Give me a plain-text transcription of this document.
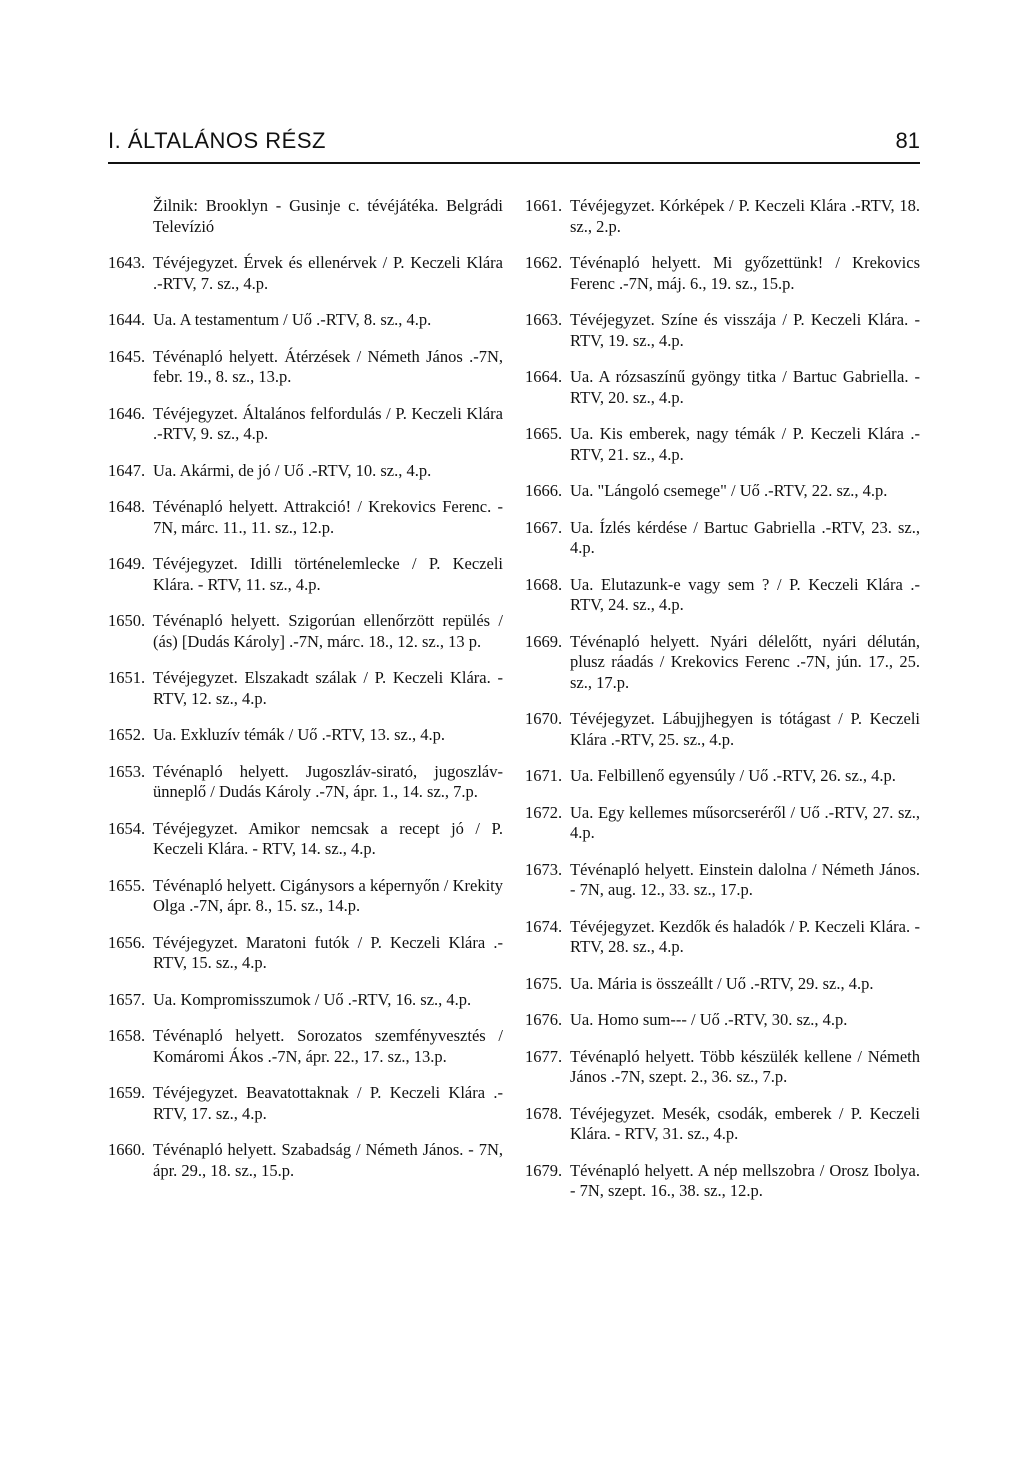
I. ÁLTALÁNOS RÉSZ	81
Žilnik: Brooklyn - Gusinje c. tévéjátéka. Belgrádi Televízió
1643. Tévéjegyzet. Érvek és ellenérvek / P. Keczeli Klára .-RTV, 7. sz., 4.p.
1644. Ua. A testamentum / Uő .-RTV, 8. sz., 4.p.
1645. Tévénapló helyett. Átérzések / Németh János .-7N, febr. 19., 8. sz., 13.p.
1646. Tévéjegyzet. Általános felfordulás / P. Keczeli Klára .-RTV, 9. sz., 4.p.
1647. Ua. Akármi, de jó / Uő .-RTV, 10. sz., 4.p.
1648. Tévénapló helyett. Attrakció! / Krekovics Ferenc. - 7N, márc. 11., 11. sz., 12.p.
1649. Tévéjegyzet. Idilli történelemlecke / P. Keczeli Klára. - RTV, 11. sz., 4.p.
1650. Tévénapló helyett. Szigorúan ellenőrzött repülés / (ás) [Dudás Károly] .-7N, márc. 18., 12. sz., 13 p.
1651. Tévéjegyzet. Elszakadt szálak / P. Keczeli Klára. - RTV, 12. sz., 4.p.
1652. Ua. Exkluzív témák / Uő .-RTV, 13. sz., 4.p.
1653. Tévénapló helyett. Jugoszláv-sirató, jugoszláv-ünneplő / Dudás Károly .-7N, ápr. 1., 14. sz., 7.p.
1654. Tévéjegyzet. Amikor nemcsak a recept jó / P. Keczeli Klára. - RTV, 14. sz., 4.p.
1655. Tévénapló helyett. Cigánysors a képernyőn / Krekity Olga .-7N, ápr. 8., 15. sz., 14.p.
1656. Tévéjegyzet. Maratoni futók / P. Keczeli Klára .- RTV, 15. sz., 4.p.
1657. Ua. Kompromisszumok / Uő .-RTV, 16. sz., 4.p.
1658. Tévénapló helyett. Sorozatos szemfényvesztés / Komáromi Ákos .-7N, ápr. 22., 17. sz., 13.p.
1659. Tévéjegyzet. Beavatottaknak / P. Keczeli Klára .-RTV, 17. sz., 4.p.
1660. Tévénapló helyett. Szabadság / Németh János. - 7N, ápr. 29., 18. sz., 15.p.
1661. Tévéjegyzet. Kórképek / P. Keczeli Klára .-RTV, 18. sz., 2.p.
1662. Tévénapló helyett. Mi győzettünk! / Krekovics Ferenc .-7N, máj. 6., 19. sz., 15.p.
1663. Tévéjegyzet. Színe és visszája / P. Keczeli Klára. - RTV, 19. sz., 4.p.
1664. Ua. A rózsaszínű gyöngy titka / Bartuc Gabriella. - RTV, 20. sz., 4.p.
1665. Ua. Kis emberek, nagy témák / P. Keczeli Klára .-RTV, 21. sz., 4.p.
1666. Ua. "Lángoló csemege" / Uő .-RTV, 22. sz., 4.p.
1667. Ua. Ízlés kérdése / Bartuc Gabriella .-RTV, 23. sz., 4.p.
1668. Ua. Elutazunk-e vagy sem ? / P. Keczeli Klára .-RTV, 24. sz., 4.p.
1669. Tévénapló helyett. Nyári délelőtt, nyári délután, plusz ráadás / Krekovics Ferenc .-7N, jún. 17., 25. sz., 17.p.
1670. Tévéjegyzet. Lábujjhegyen is tótágast / P. Keczeli Klára .-RTV, 25. sz., 4.p.
1671. Ua. Felbillenő egyensúly / Uő .-RTV, 26. sz., 4.p.
1672. Ua. Egy kellemes műsorcseréről / Uő .-RTV, 27. sz., 4.p.
1673. Tévénapló helyett. Einstein dalolna / Németh János. - 7N, aug. 12., 33. sz., 17.p.
1674. Tévéjegyzet. Kezdők és haladók / P. Keczeli Klára. - RTV, 28. sz., 4.p.
1675. Ua. Mária is összeállt / Uő .-RTV, 29. sz., 4.p.
1676. Ua. Homo sum--- / Uő .-RTV, 30. sz., 4.p.
1677. Tévénapló helyett. Több készülék kellene / Németh János .-7N, szept. 2., 36. sz., 7.p.
1678. Tévéjegyzet. Mesék, csodák, emberek / P. Keczeli Klára. - RTV, 31. sz., 4.p.
1679. Tévénapló helyett. A nép mellszobra / Orosz Ibolya. - 7N, szept. 16., 38. sz., 12.p.
